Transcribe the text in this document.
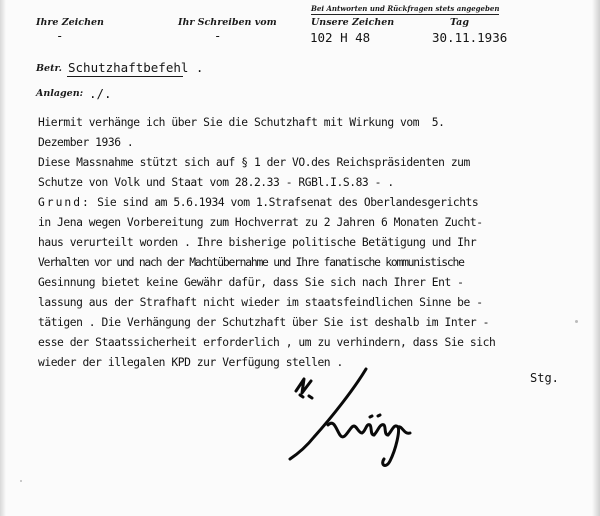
Ihre Zeichen	Ihr Schreiben vom
Bei Antworten und Rückfragen stets angegeben
Unsere Zeichen	Tag
-	-	102 H 48	30.11.1936
Betr. Schutzhaftbefehl .
Anlagen: ./.
Hiermit verhänge ich über Sie die Schutzhaft mit Wirkung vom  5.
Dezember 1936 .
Diese Massnahme stützt sich auf § 1 der VO.des Reichspräsidenten zum
Schutze von Volk und Staat vom 28.2.33 - RGBl.I.S.83 - .
Grund: Sie sind am 5.6.1934 vom 1.Strafsenat des Oberlandesgerichts
in Jena wegen Vorbereitung zum Hochverrat zu 2 Jahren 6 Monaten Zucht-
haus verurteilt worden . Ihre bisherige politische Betätigung und Ihr
Verhalten vor und nach der Machtübernahme und Ihre fanatische kommunistische
Gesinnung bietet keine Gewähr dafür, dass Sie sich nach Ihrer Ent -
lassung aus der Strafhaft nicht wieder im staatsfeindlichen Sinne be -
tätigen . Die Verhängung der Schutzhaft über Sie ist deshalb im Inter -
esse der Staatssicherheit erforderlich , um zu verhindern, dass Sie sich
wieder der illegalen KPD zur Verfügung stellen .
Stg.
